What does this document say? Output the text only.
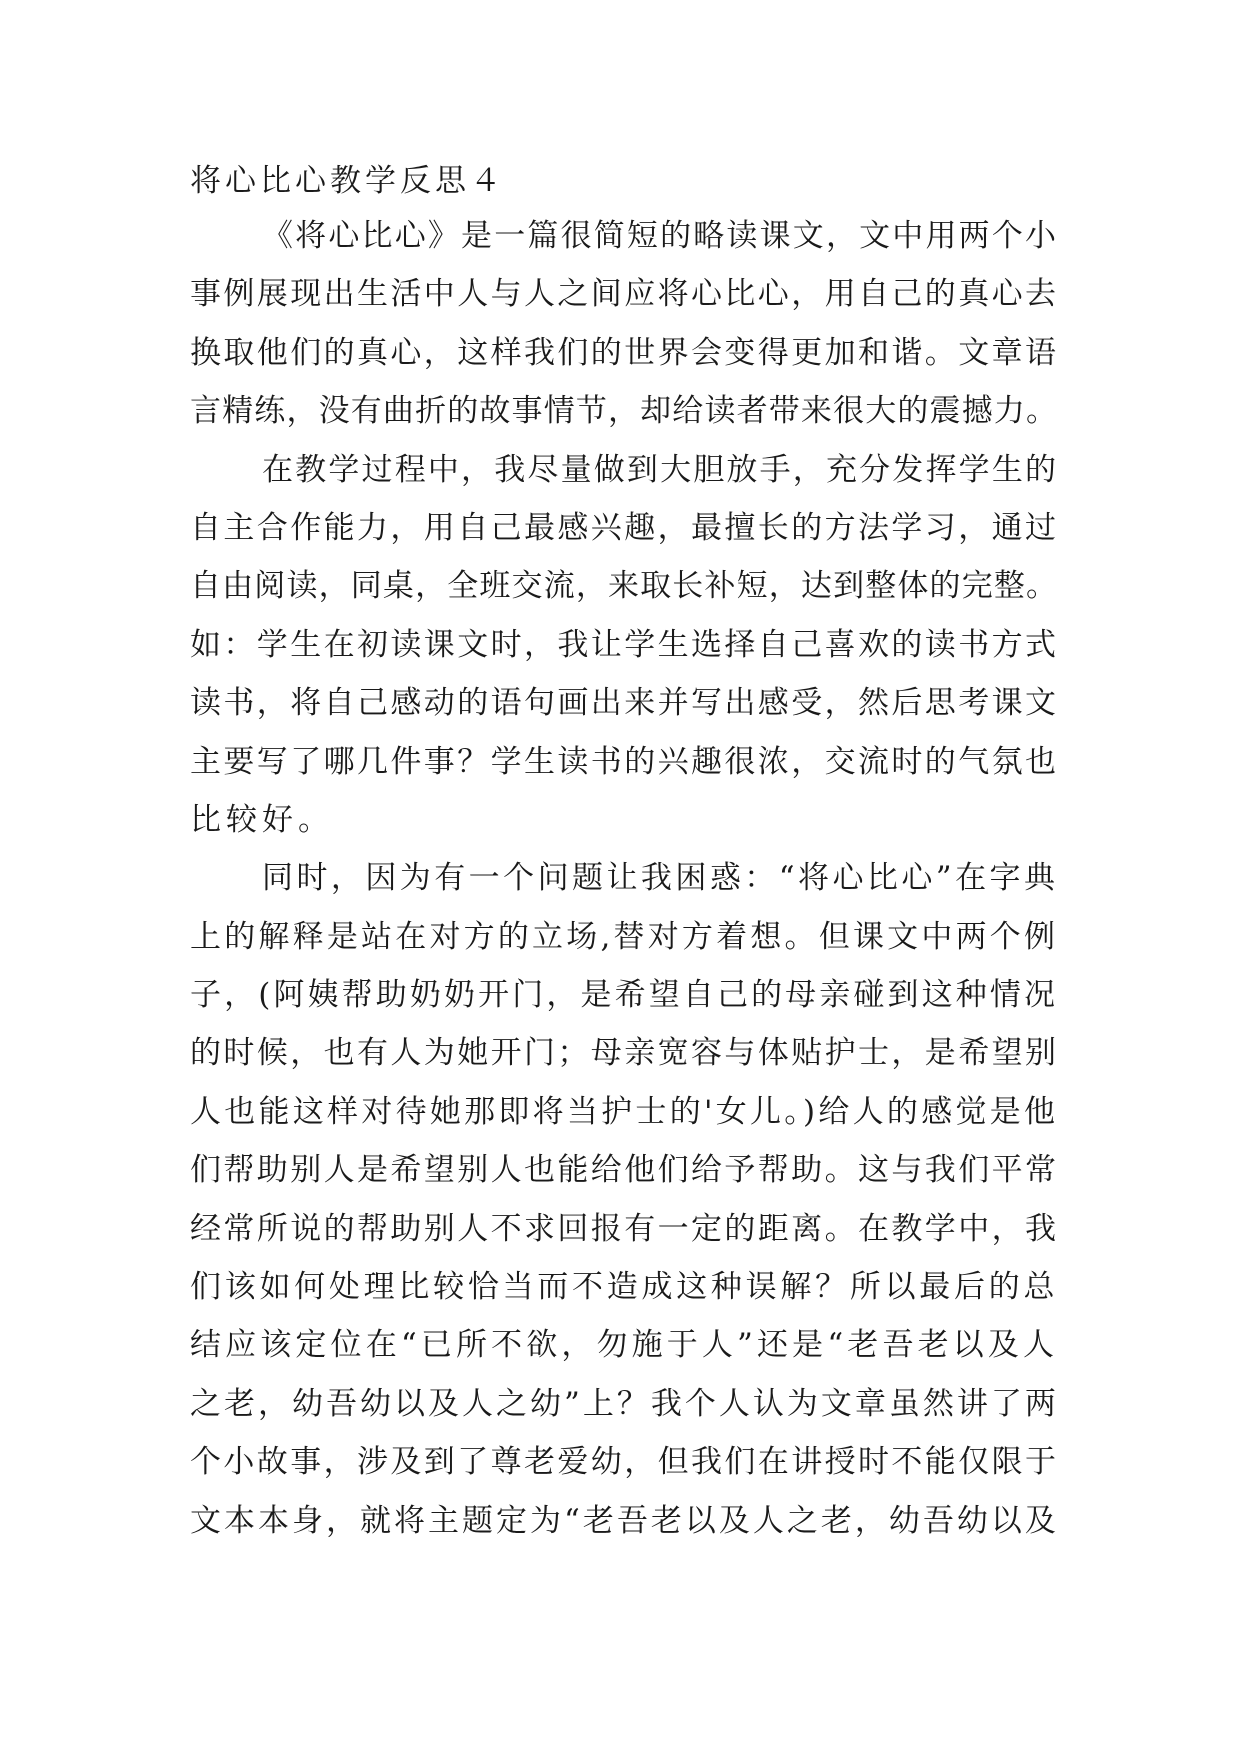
将心比心教学反思４
《将心比心》是一篇很简短的略读课文，文中用两个小
事例展现出生活中人与人之间应将心比心，用自己的真心去
换取他们的真心，这样我们的世界会变得更加和谐。文章语
言精练，没有曲折的故事情节，却给读者带来很大的震撼力。
在教学过程中，我尽量做到大胆放手，充分发挥学生的
自主合作能力，用自己最感兴趣，最擅长的方法学习，通过
自由阅读，同桌，全班交流，来取长补短，达到整体的完整。
如：学生在初读课文时，我让学生选择自己喜欢的读书方式
读书，将自己感动的语句画出来并写出感受，然后思考课文
主要写了哪几件事？学生读书的兴趣很浓，交流时的气氛也
比较好。
同时，因为有一个问题让我困惑：“将心比心”在字典
上的解释是站在对方的立场,替对方着想。但课文中两个例
子，(阿姨帮助奶奶开门，是希望自己的母亲碰到这种情况
的时候，也有人为她开门；母亲宽容与体贴护士，是希望别
人也能这样对待她那即将当护士的'女儿。)给人的感觉是他
们帮助别人是希望别人也能给他们给予帮助。这与我们平常
经常所说的帮助别人不求回报有一定的距离。在教学中，我
们该如何处理比较恰当而不造成这种误解？所以最后的总
结应该定位在“已所不欲，勿施于人”还是“老吾老以及人
之老，幼吾幼以及人之幼”上？我个人认为文章虽然讲了两
个小故事，涉及到了尊老爱幼，但我们在讲授时不能仅限于
文本本身，就将主题定为“老吾老以及人之老，幼吾幼以及
